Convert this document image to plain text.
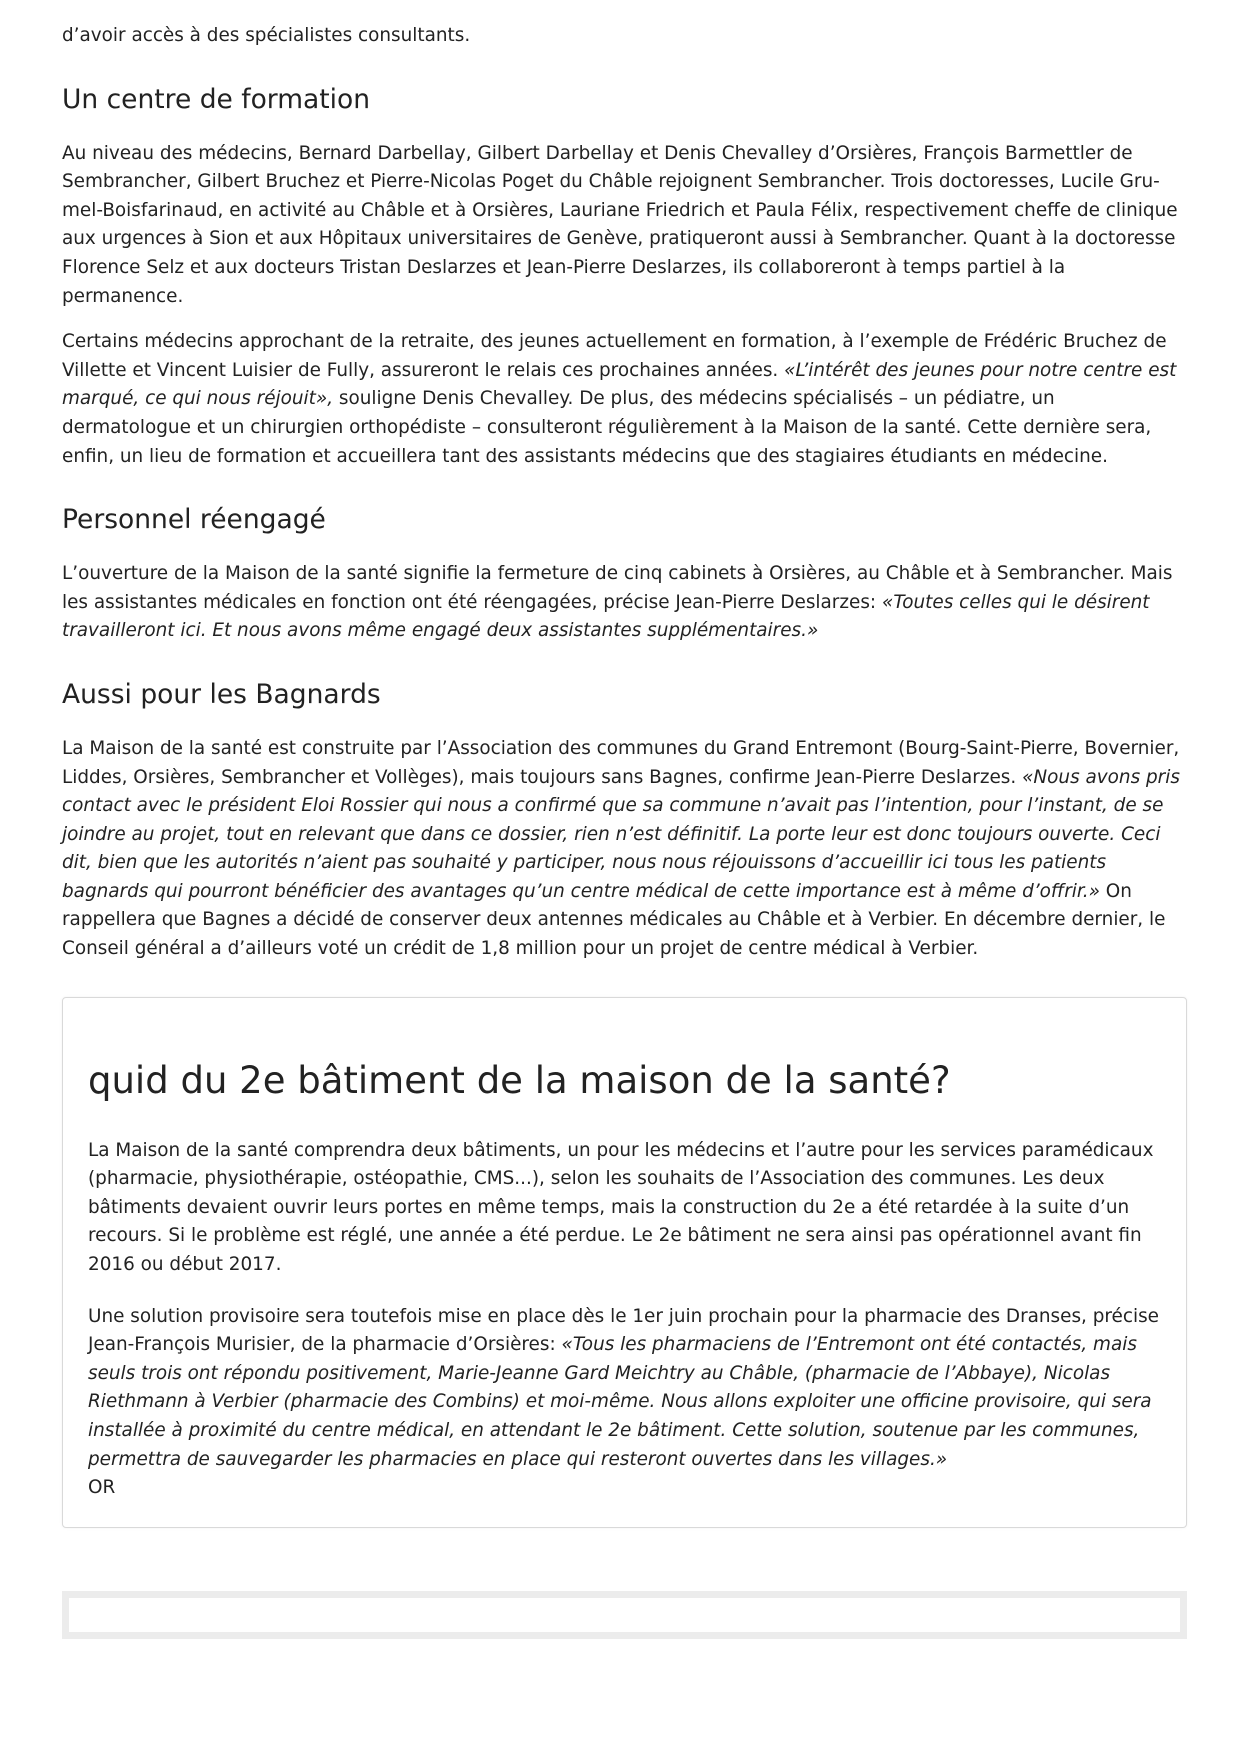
d’avoir accès à des spécialistes consultants.

Un centre de formation

Au niveau des médecins, Bernard Darbellay, Gilbert Darbellay et Denis Chevalley d’Orsières, François Barmettler de Sembrancher, Gilbert Bruchez et Pierre-Nicolas Poget du Châble rejoignent Sembrancher. Trois doctoresses, Lucile Grumel-Boisfarinaud, en activité au Châble et à Orsières, Lauriane Friedrich et Paula Félix, respectivement cheffe de clinique aux urgences à Sion et aux Hôpitaux universitaires de Genève, pratiqueront aussi à Sembrancher. Quant à la doctoresse Florence Selz et aux docteurs Tristan Deslarzes et Jean-Pierre Deslarzes, ils collaboreront à temps partiel à la permanence.

Certains médecins approchant de la retraite, des jeunes actuellement en formation, à l’exemple de Frédéric Bruchez de Villette et Vincent Luisier de Fully, assureront le relais ces prochaines années. «L’intérêt des jeunes pour notre centre est marqué, ce qui nous réjouit», souligne Denis Chevalley. De plus, des médecins spécialisés – un pédiatre, un dermatologue et un chirurgien orthopédiste – consulteront régulièrement à la Maison de la santé. Cette dernière sera, enfin, un lieu de formation et accueillera tant des assistants médecins que des stagiaires étudiants en médecine.

Personnel réengagé

L’ouverture de la Maison de la santé signifie la fermeture de cinq cabinets à Orsières, au Châble et à Sembrancher. Mais les assistantes médicales en fonction ont été réengagées, précise Jean-Pierre Deslarzes: «Toutes celles qui le désirent travailleront ici. Et nous avons même engagé deux assistantes supplémentaires.»

Aussi pour les Bagnards

La Maison de la santé est construite par l’Association des communes du Grand Entremont (Bourg-Saint-Pierre, Bovernier, Liddes, Orsières, Sembrancher et Vollèges), mais toujours sans Bagnes, confirme Jean-Pierre Deslarzes. «Nous avons pris contact avec le président Eloi Rossier qui nous a confirmé que sa commune n’avait pas l’intention, pour l’instant, de se joindre au projet, tout en relevant que dans ce dossier, rien n’est définitif. La porte leur est donc toujours ouverte. Ceci dit, bien que les autorités n’aient pas souhaité y participer, nous nous réjouissons d’accueillir ici tous les patients bagnards qui pourront bénéficier des avantages qu’un centre médical de cette importance est à même d’offrir.» On rappellera que Bagnes a décidé de conserver deux antennes médicales au Châble et à Verbier. En décembre dernier, le Conseil général a d’ailleurs voté un crédit de 1,8 million pour un projet de centre médical à Verbier.

quid du 2e bâtiment de la maison de la santé?

La Maison de la santé comprendra deux bâtiments, un pour les médecins et l’autre pour les services paramédicaux (pharmacie, physiothérapie, ostéopathie, CMS...), selon les souhaits de l’Association des communes. Les deux bâtiments devaient ouvrir leurs portes en même temps, mais la construction du 2e a été retardée à la suite d’un recours. Si le problème est réglé, une année a été perdue. Le 2e bâtiment ne sera ainsi pas opérationnel avant fin 2016 ou début 2017.

Une solution provisoire sera toutefois mise en place dès le 1er juin prochain pour la pharmacie des Dranses, précise Jean-François Murisier, de la pharmacie d’Orsières: «Tous les pharmaciens de l’Entremont ont été contactés, mais seuls trois ont répondu positivement, Marie-Jeanne Gard Meichtry au Châble, (pharmacie de l’Abbaye), Nicolas Riethmann à Verbier (pharmacie des Combins) et moi-même. Nous allons exploiter une officine provisoire, qui sera installée à proximité du centre médical, en attendant le 2e bâtiment. Cette solution, soutenue par les communes, permettra de sauvegarder les pharmacies en place qui resteront ouvertes dans les villages.»

OR
